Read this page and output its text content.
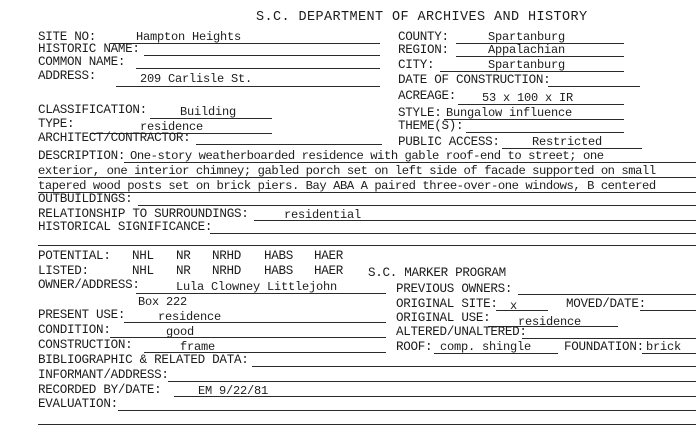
S.C. DEPARTMENT OF ARCHIVES AND HISTORY
SITE NO:	Hampton Heights	COUNTY:	Spartanburg
HISTORIC NAME:	REGION:	Appalachian
COMMON NAME:	CITY:	Spartanburg
ADDRESS:	209 Carlisle St.	DATE OF CONSTRUCTION:
ACREAGE: 53 x 100 x IR
CLASSIFICATION:	Building	STYLE: Bungalow influence
TYPE:	residence	THEME(S):
ARCHITECT/CONTRACTOR:	PUBLIC ACCESS:	Restricted
DESCRIPTION: One-story weatherboarded residence with gable roof-end to street; one
exterior, one interior chimney; gabled porch set on left side of facade supported on small
tapered wood posts set on brick piers. Bay ABA A paired three-over-one windows, B centered
OUTBUILDINGS:
RELATIONSHIP TO SURROUNDINGS:	residential
HISTORICAL SIGNIFICANCE:
POTENTIAL: NHL NR NRHD HABS HAER
LISTED:	NHL NR NRHD HABS HAER S.C. MARKER PROGRAM
OWNER/ADDRESS:	Lula Clowney Littlejohn
Box 222
PREVIOUS OWNERS:
ORIGINAL SITE: x	MOVED/DATE:
PRESENT USE:	residence	ORIGINAL USE: residence
CONDITION:	good	ALTERED/UNALTERED:
CONSTRUCTION:	frame	ROOF: comp. shingle	FOUNDATION: brick
BIBLIOGRAPHIC & RELATED DATA:
INFORMANT/ADDRESS:
RECORDED BY/DATE:	EM 9/22/81
EVALUATION:
